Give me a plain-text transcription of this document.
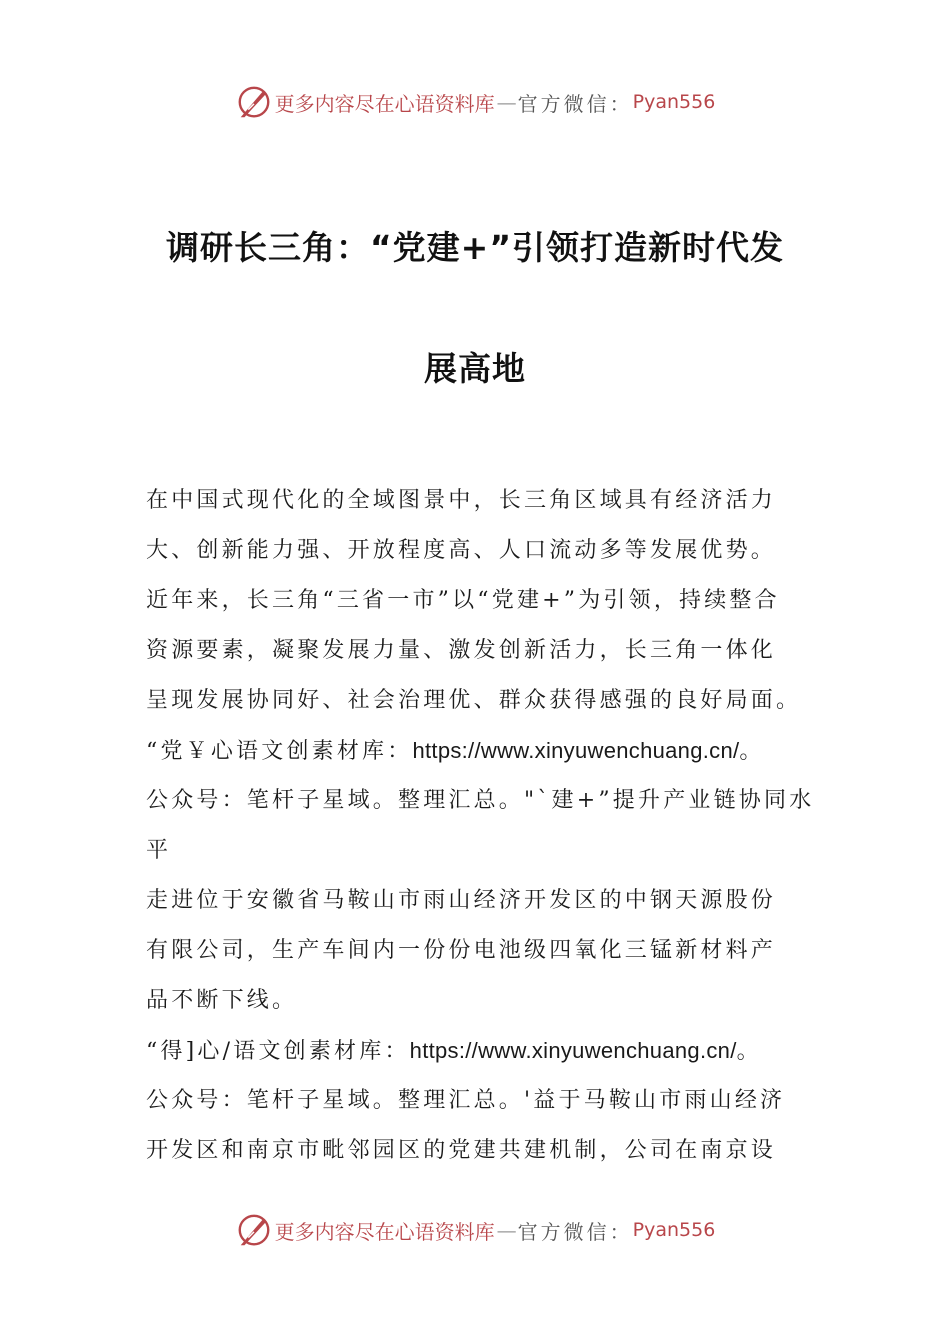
更多内容尽在心语资料库 — 官方微信： Pyan556
调研长三角：“党建+”引领打造新时代发
展高地

在中国式现代化的全域图景中，长三角区域具有经济活力

大、创新能力强、开放程度高、人口流动多等发展优势。

近年来，长三角“三省一市”以“党建+”为引领，持续整合

资源要素，凝聚发展力量、激发创新活力，长三角一体化

呈现发展协同好、社会治理优、群众获得感强的良好局面。

“党￥心语文创素材库：https://www.xinyuwenchuang.cn/。

公众号：笔杆子星域。整理汇总。"`建+”提升产业链协同水

平

走进位于安徽省马鞍山市雨山经济开发区的中钢天源股份

有限公司，生产车间内一份份电池级四氧化三锰新材料产

品不断下线。

“得]心/语文创素材库：https://www.xinyuwenchuang.cn/。

公众号：笔杆子星域。整理汇总。'益于马鞍山市雨山经济

开发区和南京市毗邻园区的党建共建机制，公司在南京设

更多内容尽在心语资料库 — 官方微信： Pyan556
